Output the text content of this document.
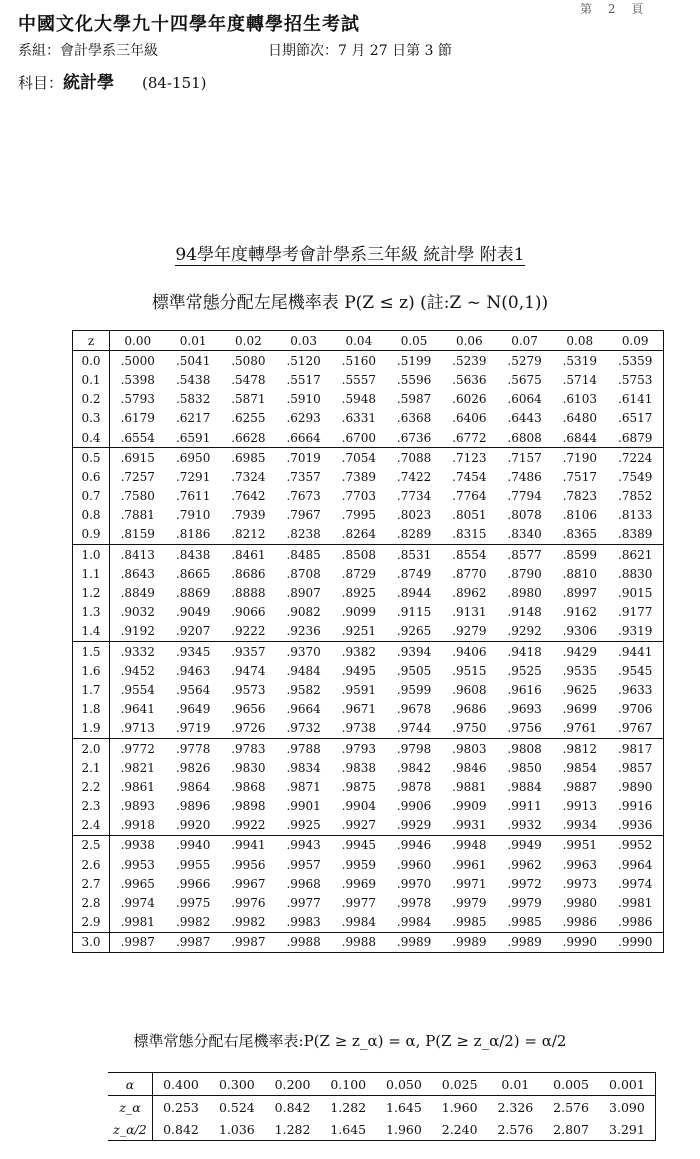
中國文化大學九十四學年度轉學招生考試
第 2 頁
系組：會計學系三年級	日期節次：7 月 27 日第 3 節
科目：統計學 (84-151)
94學年度轉學考會計學系三年級 統計學 附表1
標準常態分配左尾機率表 P(Z ≤ z) (註:Z ~ N(0,1))
z	0.00	0.01	0.02	0.03	0.04	0.05	0.06	0.07	0.08	0.09
0.0	.5000	.5041	.5080	.5120	.5160	.5199	.5239	.5279	.5319	.5359
0.1	.5398	.5438	.5478	.5517	.5557	.5596	.5636	.5675	.5714	.5753
0.2	.5793	.5832	.5871	.5910	.5948	.5987	.6026	.6064	.6103	.6141
0.3	.6179	.6217	.6255	.6293	.6331	.6368	.6406	.6443	.6480	.6517
0.4	.6554	.6591	.6628	.6664	.6700	.6736	.6772	.6808	.6844	.6879
0.5	.6915	.6950	.6985	.7019	.7054	.7088	.7123	.7157	.7190	.7224
0.6	.7257	.7291	.7324	.7357	.7389	.7422	.7454	.7486	.7517	.7549
0.7	.7580	.7611	.7642	.7673	.7703	.7734	.7764	.7794	.7823	.7852
0.8	.7881	.7910	.7939	.7967	.7995	.8023	.8051	.8078	.8106	.8133
0.9	.8159	.8186	.8212	.8238	.8264	.8289	.8315	.8340	.8365	.8389
1.0	.8413	.8438	.8461	.8485	.8508	.8531	.8554	.8577	.8599	.8621
1.1	.8643	.8665	.8686	.8708	.8729	.8749	.8770	.8790	.8810	.8830
1.2	.8849	.8869	.8888	.8907	.8925	.8944	.8962	.8980	.8997	.9015
1.3	.9032	.9049	.9066	.9082	.9099	.9115	.9131	.9148	.9162	.9177
1.4	.9192	.9207	.9222	.9236	.9251	.9265	.9279	.9292	.9306	.9319
1.5	.9332	.9345	.9357	.9370	.9382	.9394	.9406	.9418	.9429	.9441
1.6	.9452	.9463	.9474	.9484	.9495	.9505	.9515	.9525	.9535	.9545
1.7	.9554	.9564	.9573	.9582	.9591	.9599	.9608	.9616	.9625	.9633
1.8	.9641	.9649	.9656	.9664	.9671	.9678	.9686	.9693	.9699	.9706
1.9	.9713	.9719	.9726	.9732	.9738	.9744	.9750	.9756	.9761	.9767
2.0	.9772	.9778	.9783	.9788	.9793	.9798	.9803	.9808	.9812	.9817
2.1	.9821	.9826	.9830	.9834	.9838	.9842	.9846	.9850	.9854	.9857
2.2	.9861	.9864	.9868	.9871	.9875	.9878	.9881	.9884	.9887	.9890
2.3	.9893	.9896	.9898	.9901	.9904	.9906	.9909	.9911	.9913	.9916
2.4	.9918	.9920	.9922	.9925	.9927	.9929	.9931	.9932	.9934	.9936
2.5	.9938	.9940	.9941	.9943	.9945	.9946	.9948	.9949	.9951	.9952
2.6	.9953	.9955	.9956	.9957	.9959	.9960	.9961	.9962	.9963	.9964
2.7	.9965	.9966	.9967	.9968	.9969	.9970	.9971	.9972	.9973	.9974
2.8	.9974	.9975	.9976	.9977	.9977	.9978	.9979	.9979	.9980	.9981
2.9	.9981	.9982	.9982	.9983	.9984	.9984	.9985	.9985	.9986	.9986
3.0	.9987	.9987	.9987	.9988	.9988	.9989	.9989	.9989	.9990	.9990
標準常態分配右尾機率表:P(Z ≥ z_α) = α, P(Z ≥ z_α/2) = α/2
α	0.400	0.300	0.200	0.100	0.050	0.025	0.01	0.005	0.001
z_α	0.253	0.524	0.842	1.282	1.645	1.960	2.326	2.576	3.090
z_α/2	0.842	1.036	1.282	1.645	1.960	2.240	2.576	2.807	3.291
